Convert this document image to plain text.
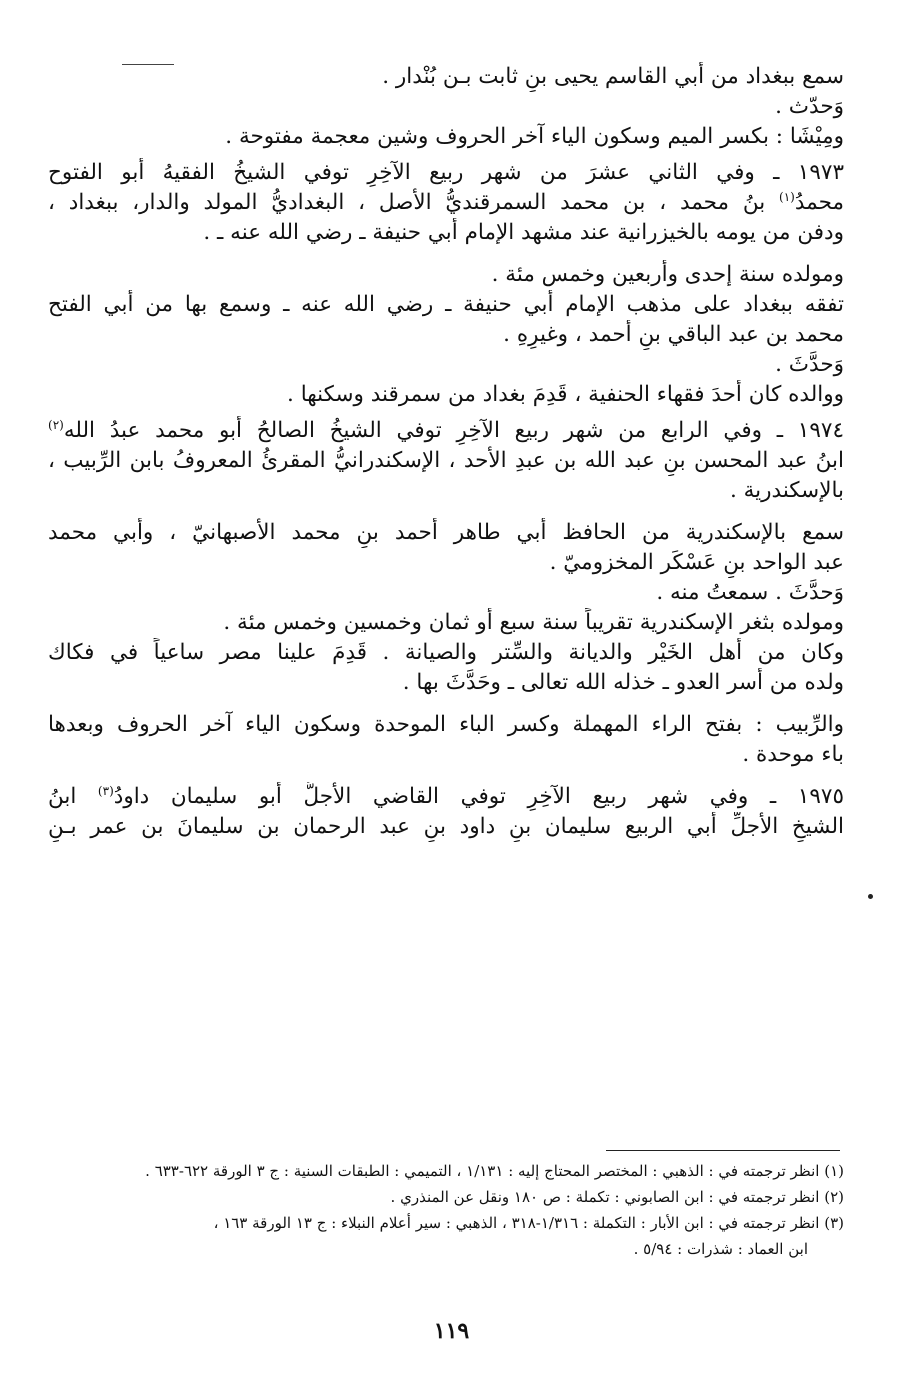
سمع ببغداد من أبي القاسم يحيى بنِ ثابت بـن بُنْدار .
وَحدّث .
ومِيْشَا : بكسر الميم وسكون الياء آخر الحروف وشين معجمة مفتوحة .
١٩٧٣ ـ وفي الثاني عشرَ من شهر ربيع الآخِرِ توفي الشيخُ الفقيهُ أبو الفتوح
محمدُ$^{(١)}$ بنُ محمد ، بن محمد السمرقنديُّ الأصل ، البغداديُّ المولد والدار، ببغداد ،
ودفن من يومه بالخيزرانية عند مشهد الإمام أبي حنيفة ـ رضي الله عنه ـ .
ومولده سنة إحدى وأربعين وخمس مئة .
تفقه ببغداد على مذهب الإمام أبي حنيفة ـ رضي الله عنه ـ وسمع بها من أبي الفتح
محمد بن عبد الباقي بنِ أحمد ، وغيرِهِ .
وَحدَّثَ .
ووالده كان أحدَ فقهاء الحنفية ، قَدِمَ بغداد من سمرقند وسكنها .
١٩٧٤ ـ وفي الرابع من شهر ربيع الآخِرِ توفي الشيخُ الصالحُ أبو محمد عبدُ الله$^{(٢)}$
ابنُ عبد المحسن بنِ عبد الله بن عبدِ الأحد ، الإسكندرانيُّ المقرئُ المعروفُ بابن الرِّبيب ،
بالإسكندرية .
سمع بالإسكندرية من الحافظ أبي طاهر أحمد بنِ محمد الأصبهانيّ ، وأبي محمد
عبد الواحد بنِ عَسْكَر المخزوميّ .
وَحدَّثَ . سمعتُ منه .
ومولده بثغر الإسكندرية تقريباً سنة سبع أو ثمان وخمسين وخمس مئة .
وكان من أهل الخَيْر والديانة والسِّتر والصيانة . قَدِمَ علينا مصر ساعياً في فكاك
ولده من أسر العدو ـ خذله الله تعالى ـ وحَدَّثَ بها .
والرِّبيب : بفتح الراء المهملة وكسر الباء الموحدة وسكون الياء آخر الحروف وبعدها
باء موحدة .
١٩٧٥ ـ وفي شهر ربيع الآخِرِ توفي القاضي الأجلُّ أبو سليمان داودُ$^{(٣)}$ ابنُ
الشيخِ الأجلِّ أبي الربيع سليمان بنِ داود بنِ عبد الرحمان بن سليمانَ بن عمر بـنِ
(١) انظر ترجمته في : الذهبي : المختصر المحتاج إليه : ١/١٣١ ، التميمي : الطبقات السنية : ج ٣ الورقة ٦٢٢-٦٣٣ .
(٢) انظر ترجمته في : ابن الصابوني : تكملة : ص ١٨٠ ونقل عن المنذري .
(٣) انظر ترجمته في : ابن الأبار : التكملة : ١/٣١٦-٣١٨ ، الذهبي : سير أعلام النبلاء : ج ١٣ الورقة ١٦٣ ،
ابن العماد : شذرات : ٥/٩٤ .
١١٩
